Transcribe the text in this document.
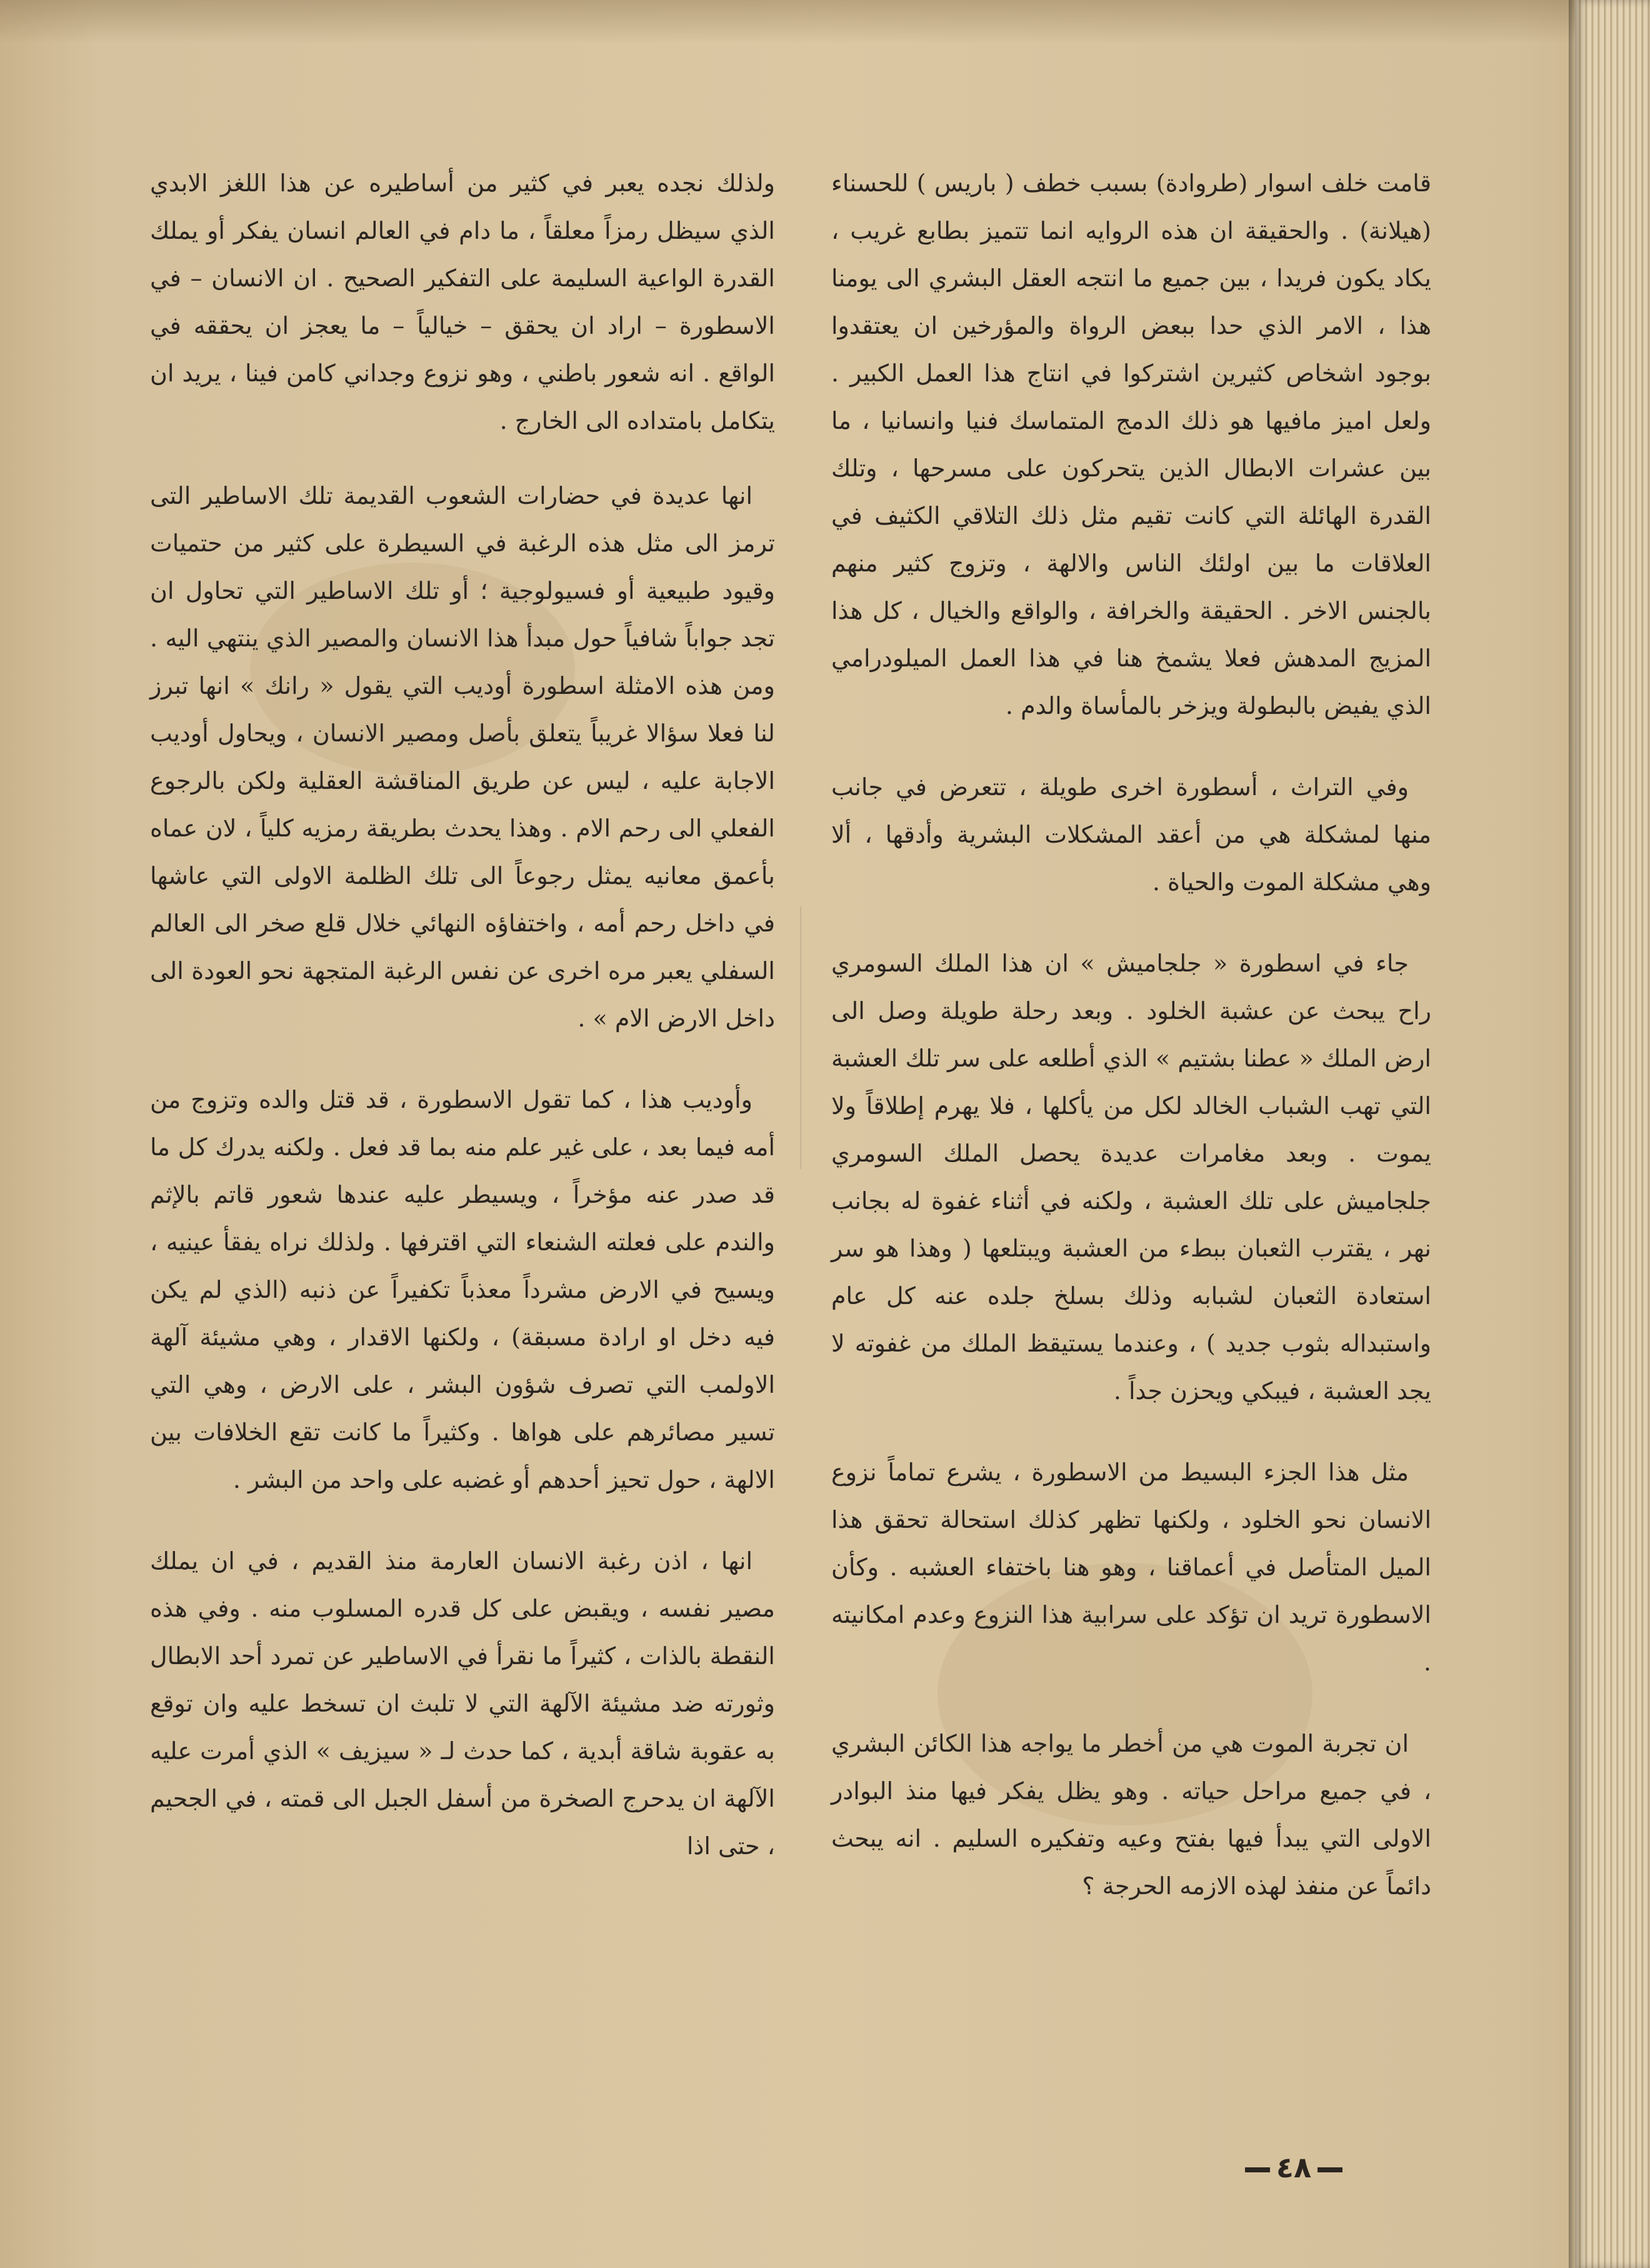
قامت خلف اسوار (طروادة) بسبب خطف ( باريس ) للحسناء (هيلانة) . والحقيقة ان هذه الروايه انما تتميز بطابع غريب ، يكاد يكون فريدا ، بين جميع ما انتجه العقل البشري الى يومنا هذا ، الامر الذي حدا ببعض الرواة والمؤرخين ان يعتقدوا بوجود اشخاص كثيرين اشتركوا في انتاج هذا العمل الكبير . ولعل اميز مافيها هو ذلك الدمج المتماسك فنيا وانسانيا ، ما بين عشرات الابطال الذين يتحركون على مسرحها ، وتلك القدرة الهائلة التي كانت تقيم مثل ذلك التلاقي الكثيف في العلاقات ما بين اولئك الناس والالهة ، وتزوج كثير منهم بالجنس الاخر . الحقيقة والخرافة ، والواقع والخيال ، كل هذا المزيج المدهش فعلا يشمخ هنا في هذا العمل الميلودرامي الذي يفيض بالبطولة ويزخر بالمأساة والدم .

وفي التراث ، أسطورة اخرى طويلة ، تتعرض في جانب منها لمشكلة هي من أعقد المشكلات البشرية وأدقها ، ألا وهي مشكلة الموت والحياة .

جاء في اسطورة « جلجاميش » ان هذا الملك السومري راح يبحث عن عشبة الخلود . وبعد رحلة طويلة وصل الى ارض الملك « عطنا بشتيم » الذي أطلعه على سر تلك العشبة التي تهب الشباب الخالد لكل من يأكلها ، فلا يهرم إطلاقاً ولا يموت . وبعد مغامرات عديدة يحصل الملك السومري جلجاميش على تلك العشبة ، ولكنه في أثناء غفوة له بجانب نهر ، يقترب الثعبان ببطء من العشبة ويبتلعها ( وهذا هو سر استعادة الثعبان لشبابه وذلك بسلخ جلده عنه كل عام واستبداله بثوب جديد ) ، وعندما يستيقظ الملك من غفوته لا يجد العشبة ، فيبكي ويحزن جداً .

مثل هذا الجزء البسيط من الاسطورة ، يشرع تماماً نزوع الانسان نحو الخلود ، ولكنها تظهر كذلك استحالة تحقق هذا الميل المتأصل في أعماقنا ، وهو هنا باختفاء العشبه . وكأن الاسطورة تريد ان تؤكد على سرابية هذا النزوع وعدم امكانيته .

ان تجربة الموت هي من أخطر ما يواجه هذا الكائن البشري ، في جميع مراحل حياته . وهو يظل يفكر فيها منذ البوادر الاولى التي يبدأ فيها بفتح وعيه وتفكيره السليم . انه يبحث دائماً عن منفذ لهذه الازمه الحرجة ؟

ولذلك نجده يعبر في كثير من أساطيره عن هذا اللغز الابدي الذي سيظل رمزاً معلقاً ، ما دام في العالم انسان يفكر أو يملك القدرة الواعية السليمة على التفكير الصحيح . ان الانسان – في الاسطورة – اراد ان يحقق – خيالياً – ما يعجز ان يحققه في الواقع . انه شعور باطني ، وهو نزوع وجداني كامن فينا ، يريد ان يتكامل بامتداده الى الخارج .

انها عديدة في حضارات الشعوب القديمة تلك الاساطير التى ترمز الى مثل هذه الرغبة في السيطرة على كثير من حتميات وقيود طبيعية أو فسيولوجية ؛ أو تلك الاساطير التي تحاول ان تجد جواباً شافياً حول مبدأ هذا الانسان والمصير الذي ينتهي اليه . ومن هذه الامثلة اسطورة أوديب التي يقول « رانك » انها تبرز لنا فعلا سؤالا غريباً يتعلق بأصل ومصير الانسان ، ويحاول أوديب الاجابة عليه ، ليس عن طريق المناقشة العقلية ولكن بالرجوع الفعلي الى رحم الام . وهذا يحدث بطريقة رمزيه كلياً ، لان عماه بأعمق معانيه يمثل رجوعاً الى تلك الظلمة الاولى التي عاشها في داخل رحم أمه ، واختفاؤه النهائي خلال قلع صخر الى العالم السفلي يعبر مره اخرى عن نفس الرغبة المتجهة نحو العودة الى داخل الارض الام » .

وأوديب هذا ، كما تقول الاسطورة ، قد قتل والده وتزوج من أمه فيما بعد ، على غير علم منه بما قد فعل . ولكنه يدرك كل ما قد صدر عنه مؤخراً ، ويسيطر عليه عندها شعور قاتم بالإثم والندم على فعلته الشنعاء التي اقترفها . ولذلك نراه يفقأ عينيه ، ويسيح في الارض مشرداً معذباً تكفيراً عن ذنبه (الذي لم يكن فيه دخل او ارادة مسبقة) ، ولكنها الاقدار ، وهي مشيئة آلهة الاولمب التي تصرف شؤون البشر ، على الارض ، وهي التي تسير مصائرهم على هواها . وكثيراً ما كانت تقع الخلافات بين الالهة ، حول تحيز أحدهم أو غضبه على واحد من البشر .

انها ، اذن رغبة الانسان العارمة منذ القديم ، في ان يملك مصير نفسه ، ويقبض على كل قدره المسلوب منه . وفي هذه النقطة بالذات ، كثيراً ما نقرأ في الاساطير عن تمرد أحد الابطال وثورته ضد مشيئة الآلهة التي لا تلبث ان تسخط عليه وان توقع به عقوبة شاقة أبدية ، كما حدث لـ « سيزيف » الذي أمرت عليه الآلهة ان يدحرج الصخرة من أسفل الجبل الى قمته ، في الجحيم ، حتى اذا

٤٨
